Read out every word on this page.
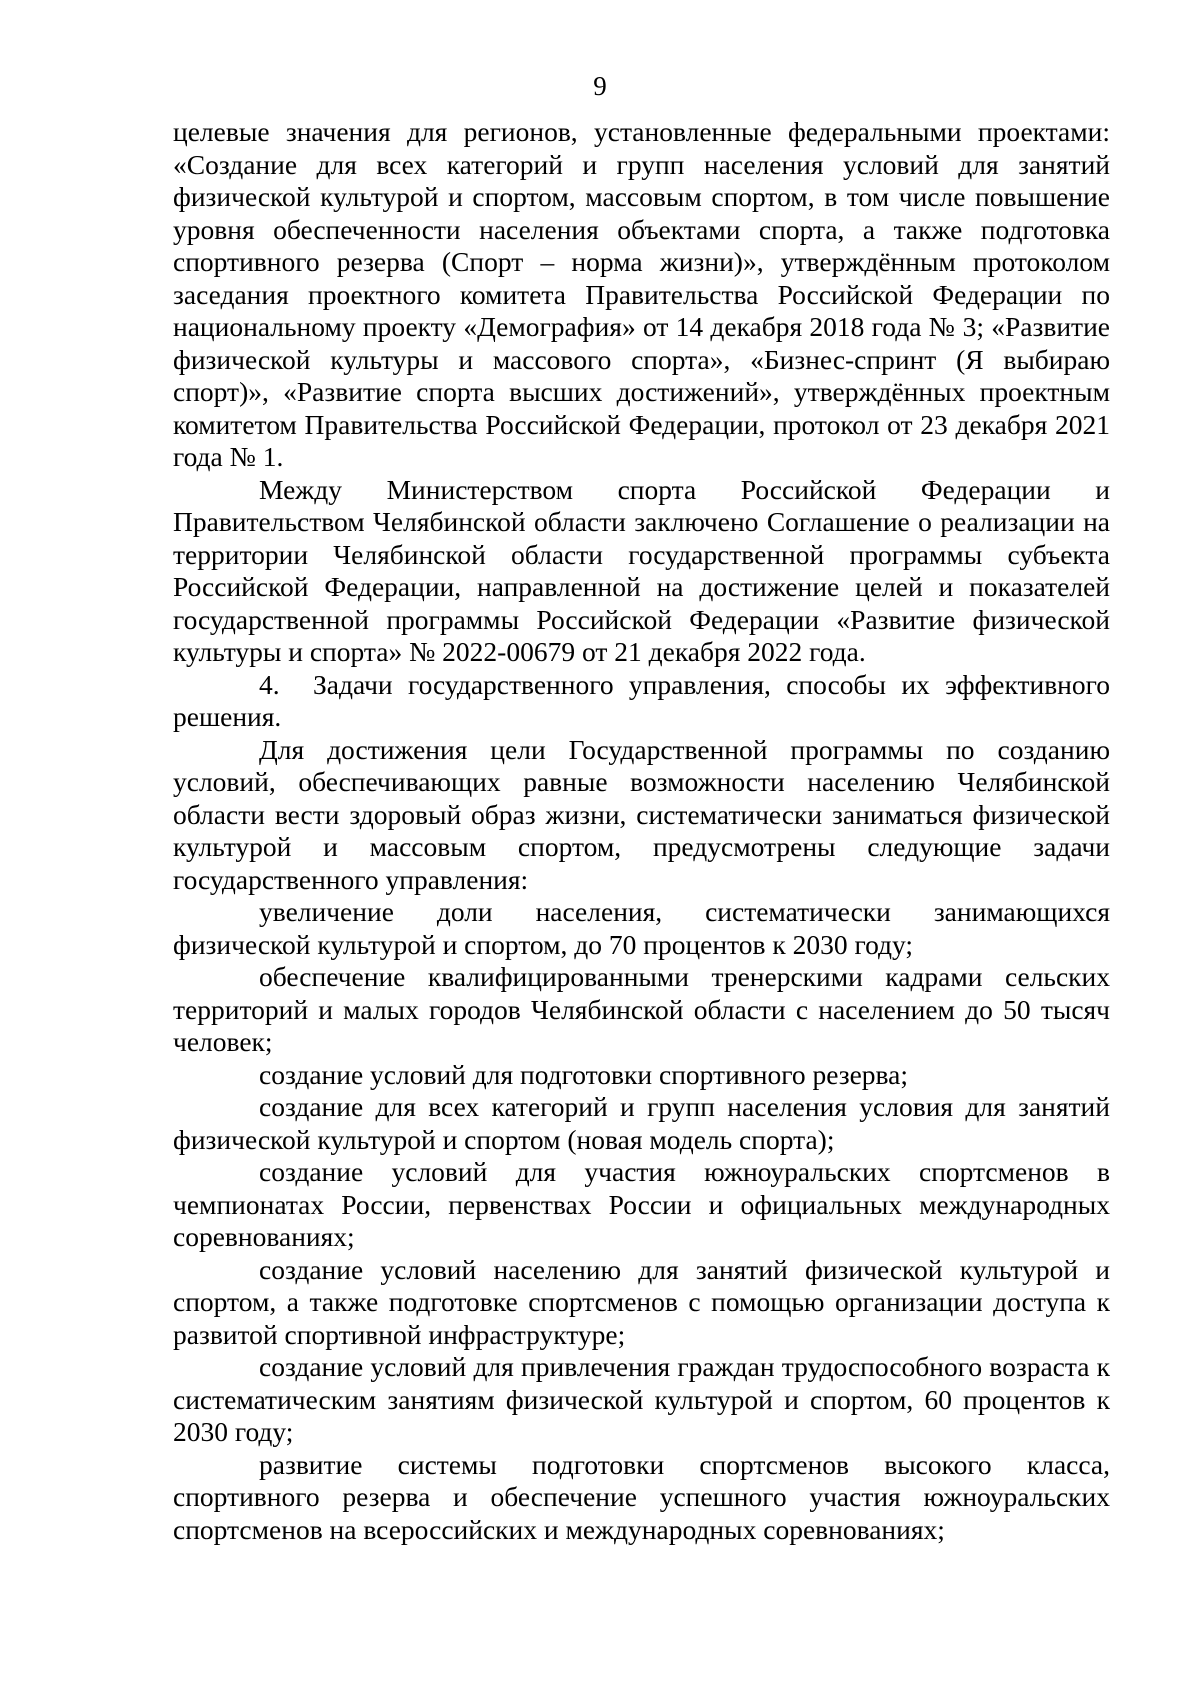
9

целевые значения для регионов, установленные федеральными проектами: «Создание для всех категорий и групп населения условий для занятий физической культурой и спортом, массовым спортом, в том числе повышение уровня обеспеченности населения объектами спорта, а также подготовка спортивного резерва (Спорт – норма жизни)», утверждённым протоколом заседания проектного комитета Правительства Российской Федерации по национальному проекту «Демография» от 14 декабря 2018 года № 3; «Развитие физической культуры и массового спорта», «Бизнес-спринт (Я выбираю спорт)», «Развитие спорта высших достижений», утверждённых проектным комитетом Правительства Российской Федерации, протокол от 23 декабря 2021 года № 1.

Между Министерством спорта Российской Федерации и Правительством Челябинской области заключено Соглашение о реализации на территории Челябинской области государственной программы субъекта Российской Федерации, направленной на достижение целей и показателей государственной программы Российской Федерации «Развитие физической культуры и спорта» № 2022-00679 от 21 декабря 2022 года.

4. Задачи государственного управления, способы их эффективного решения.

Для достижения цели Государственной программы по созданию условий, обеспечивающих равные возможности населению Челябинской области вести здоровый образ жизни, систематически заниматься физической культурой и массовым спортом, предусмотрены следующие задачи государственного управления:

увеличение доли населения, систематически занимающихся физической культурой и спортом, до 70 процентов к 2030 году;

обеспечение квалифицированными тренерскими кадрами сельских территорий и малых городов Челябинской области с населением до 50 тысяч человек;

создание условий для подготовки спортивного резерва;

создание для всех категорий и групп населения условия для занятий физической культурой и спортом (новая модель спорта);

создание условий для участия южноуральских спортсменов в чемпионатах России, первенствах России и официальных международных соревнованиях;

создание условий населению для занятий физической культурой и спортом, а также подготовке спортсменов с помощью организации доступа к развитой спортивной инфраструктуре;

создание условий для привлечения граждан трудоспособного возраста к систематическим занятиям физической культурой и спортом, 60 процентов к 2030 году;

развитие системы подготовки спортсменов высокого класса, спортивного резерва и обеспечение успешного участия южноуральских спортсменов на всероссийских и международных соревнованиях;
